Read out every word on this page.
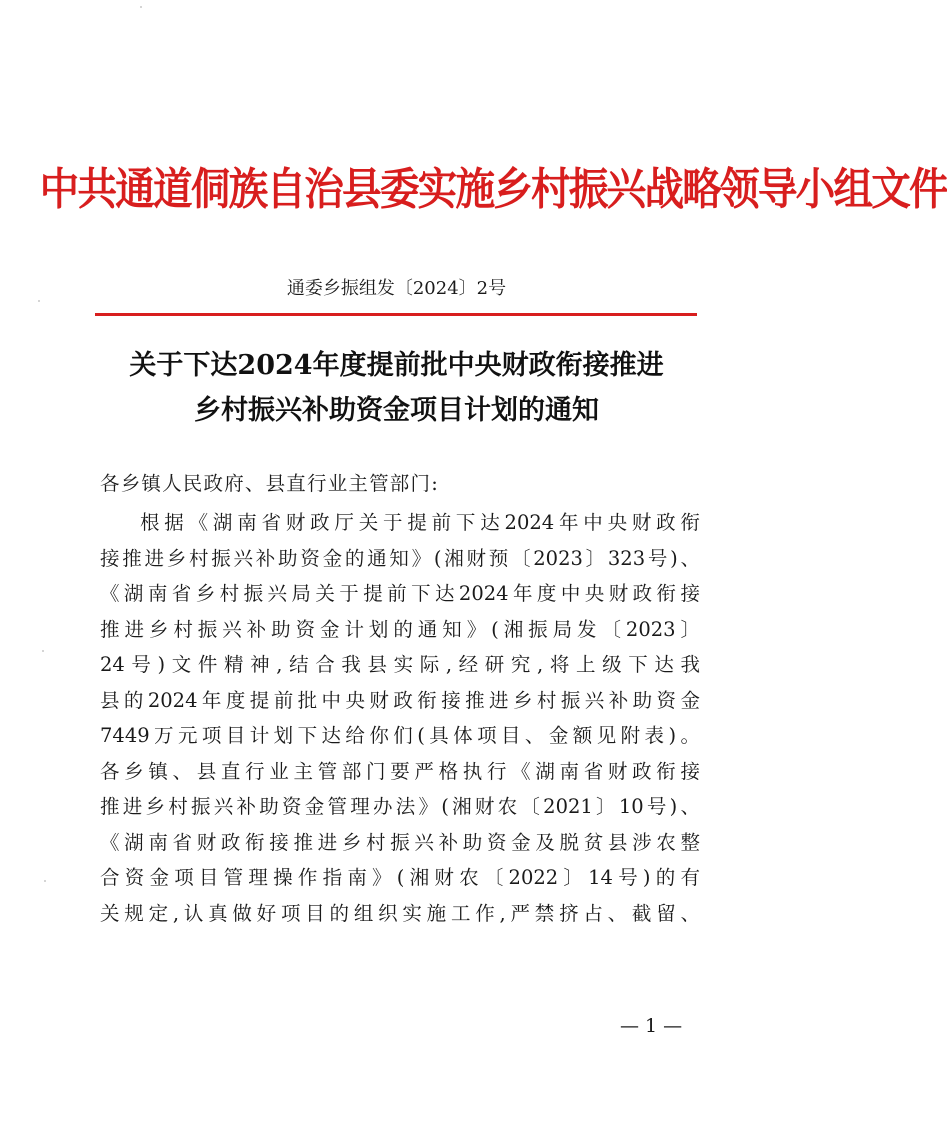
中共通道侗族自治县委实施乡村振兴战略领导小组文件
通委乡振组发〔2024〕2号
关于下达2024年度提前批中央财政衔接推进
乡村振兴补助资金项目计划的通知
各乡镇人民政府、县直行业主管部门:
根据《湖南省财政厅关于提前下达2024年中央财政衔
接推进乡村振兴补助资金的通知》(湘财预〔2023〕323号)、
《湖南省乡村振兴局关于提前下达2024年度中央财政衔接
推进乡村振兴补助资金计划的通知》(湘振局发〔2023〕
24号)文件精神,结合我县实际,经研究,将上级下达我
县的2024年度提前批中央财政衔接推进乡村振兴补助资金
7449万元项目计划下达给你们(具体项目、金额见附表)。
各乡镇、县直行业主管部门要严格执行《湖南省财政衔接
推进乡村振兴补助资金管理办法》(湘财农〔2021〕10号)、
《湖南省财政衔接推进乡村振兴补助资金及脱贫县涉农整
合资金项目管理操作指南》(湘财农〔2022〕14号)的有
关规定,认真做好项目的组织实施工作,严禁挤占、截留、
— 1 —
